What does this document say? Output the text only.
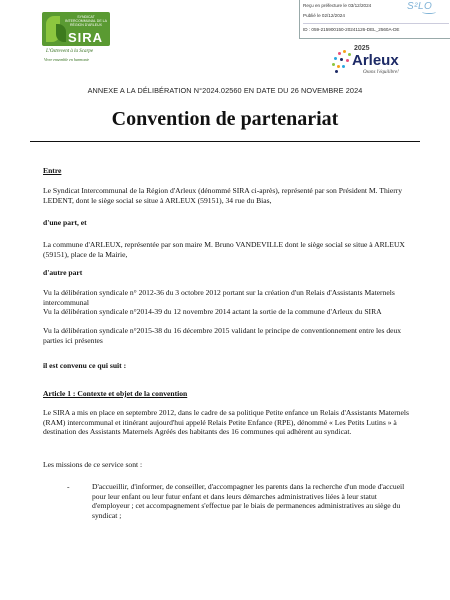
SYNDICAT INTERCOMMUNAL DE LA RÉGION D'ARLEUX
SIRA
L'Ostrevent à la Scarpe
Vivre ensemble en harmonie
Reçu en préfecture le 03/12/2024
Publié le 02/12/2024
ID : 059-215900150-20241126-DEL_2560A-DE
S²LO
2025
Arleux
Osons l'équilibre!
ANNEXE A LA DÉLIBÉRATION N°2024.02560 EN DATE DU 26 NOVEMBRE 2024
Convention de partenariat
Entre
Le Syndicat Intercommunal de la Région d'Arleux (dénommé SIRA ci-après), représenté par son Président M. Thierry LEDENT, dont le siège social se situe à ARLEUX (59151), 34 rue du Bias,
d'une part, et
La commune d'ARLEUX, représentée par son maire M. Bruno VANDEVILLE dont le siège social se situe à ARLEUX (59151), place de la Mairie,
d'autre part
Vu la délibération syndicale n° 2012-36 du 3 octobre 2012 portant sur la création d'un Relais d'Assistants Maternels intercommunal
Vu la délibération syndicale n°2014-39 du 12 novembre 2014 actant la sortie de la commune d'Arleux du SIRA
Vu la délibération syndicale n°2015-38 du 16 décembre 2015 validant le principe de conventionnement entre les deux parties ici présentes
il est convenu ce qui suit :
Article 1 : Contexte et objet de la convention
Le SIRA a mis en place en septembre 2012, dans le cadre de sa politique Petite enfance un Relais d'Assistants Maternels (RAM) intercommunal et itinérant aujourd'hui appelé Relais Petite Enfance (RPE), dénommé « Les Petits Lutins » à destination des Assistants Maternels Agréés des habitants des 16 communes qui adhèrent au syndicat.
Les missions de ce service sont :
-	D'accueillir, d'informer, de conseiller, d'accompagner les parents dans la recherche d'un mode d'accueil pour leur enfant ou leur futur enfant et dans leurs démarches administratives liées à leur statut d'employeur ; cet accompagnement s'effectue par le biais de permanences administratives au siège du syndicat ;
